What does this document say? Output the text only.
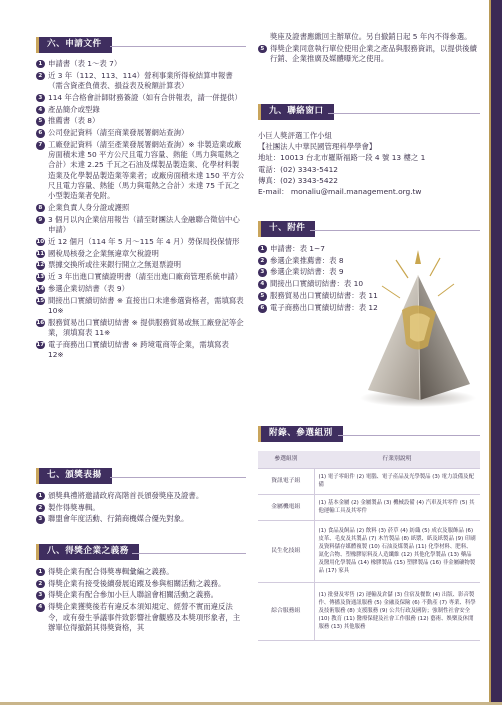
六、申請文件
1 申請書（表 1～表 7）
2 近 3 年（112、113、114）營利事業所得稅結算申報書（需含資產負債表、損益表及稅額計算表）
3 114 年合格會計師財務簽證（如有合併報表，請一併提供）
4 產品簡介或型錄
5 推薦書（表 8）
6 公司登記資料（請至商業發展署網站查詢）
7 工廠登記資料（請至產業發展署網站查詢）※ 非製造業或廠房面積未達 50 平方公尺且電力容量、熱能（馬力與電熱之合計）未達 2.25 千瓦之石油及煤製品製造業、化學材料製造業及化學製品製造業等業者；或廠房面積未達 150 平方公尺且電力容量、熱能（馬力與電熱之合計）未達 75 千瓦之小型製造業者免附。
8 企業負責人身分證或護照
9 3 個月以內企業信用報告（請至財團法人金融聯合徵信中心申請）
10 近 12 個月（114 年 5 月～115 年 4 月）勞保局投保情形
11 國稅局核發之企業無違章欠稅證明
12 票據交換所或往來銀行開立之無退票證明
13 近 3 年出進口實績證明書（請至出進口廠商管理系統申請）
14 參選企業切結書（表 9）
15 間接出口實績切結書 ※ 直接出口未達參選資格者，需填寫表 10※
16 服務貿易出口實績切結書 ※ 提供服務貿易或無工廠登記等企業，須填寫表 11※
17 電子商務出口實績切結書 ※ 跨境電商等企業，需填寫表 12※
七、頒獎表揚
1 頒獎典禮將邀請政府高階首長頒發獎座及證書。
2 製作得獎專輯。
3 聯盟會年度活動、行銷商機媒合優先對象。
八、得獎企業之義務
1 得獎企業有配合得獎專輯彙編之義務。
2 得獎企業有接受後續發展追蹤及參與相關活動之義務。
3 得獎企業有配合參加小巨人聯誼會相關活動之義務。
4 得獎企業獲獎後若有違反本須知規定、經營不實而違反法令，或有發生爭議事件致影響社會觀感及本獎項形象者，主辦單位得撤銷其得獎資格，其
獎座及證書應繳回主辦單位。另自撤銷日起 5 年內不得參選。
5 得獎企業同意執行單位使用企業之產品與服務資訊，以提供後續行銷、企業推廣及媒體曝光之使用。
九、聯絡窗口

小巨人獎評選工作小組

【社團法人中華民國管理科學學會】

地址：10013 台北市羅斯福路一段 4 號 13 樓之 1

電話：(02) 3343-5412

傳真：(02) 3343-5422

E-mail： monaliu@mail.management.org.tw

十、附件
1 申請書：表 1~7
2 參選企業推薦書：表 8
3 參選企業切結書：表 9
4 間接出口實績切結書：表 10
5 服務貿易出口實績切結書：表 11
6 電子商務出口實績切結書：表 12
附錄、參選組別
參選組別	行業別說明
資訊電子組	(1) 電子零組件 (2) 電腦、電子產品及光學製品 (3) 電力設備及配備
金屬機電組	(1) 基本金屬 (2) 金屬製品 (3) 機械設備 (4) 汽車及其零件 (5) 其他運輸工具及其零件
民生化技組	(1) 食品及飼品 (2) 飲料 (3) 菸草 (4) 紡織 (5) 成衣及服飾品 (6) 皮革、毛皮及其製品 (7) 木竹製品 (8) 紙漿、紙及紙製品 (9) 印刷及資料儲存媒體複製 (10) 石油及煤製品 (11) 化學材料、肥料、氮化合物、塑橡膠原料及人造纖維 (12) 其他化學製品 (13) 藥品及醫用化學製品 (14) 橡膠製品 (15) 塑膠製品 (16) 非金屬礦物製品 (17) 家具
綜合服務組	(1) 批發及零售 (2) 運輸及倉儲 (3) 住宿及餐飲 (4) 出版、影音製作、傳播及資通訊服務 (5) 金融及保險 (6) 不動產 (7) 專業、科學及技術服務 (8) 支援服務 (9) 公共行政及國防；強制性社會安全 (10) 教育 (11) 醫療保健及社會工作服務 (12) 藝術、娛樂及休閒服務 (13) 其他服務
